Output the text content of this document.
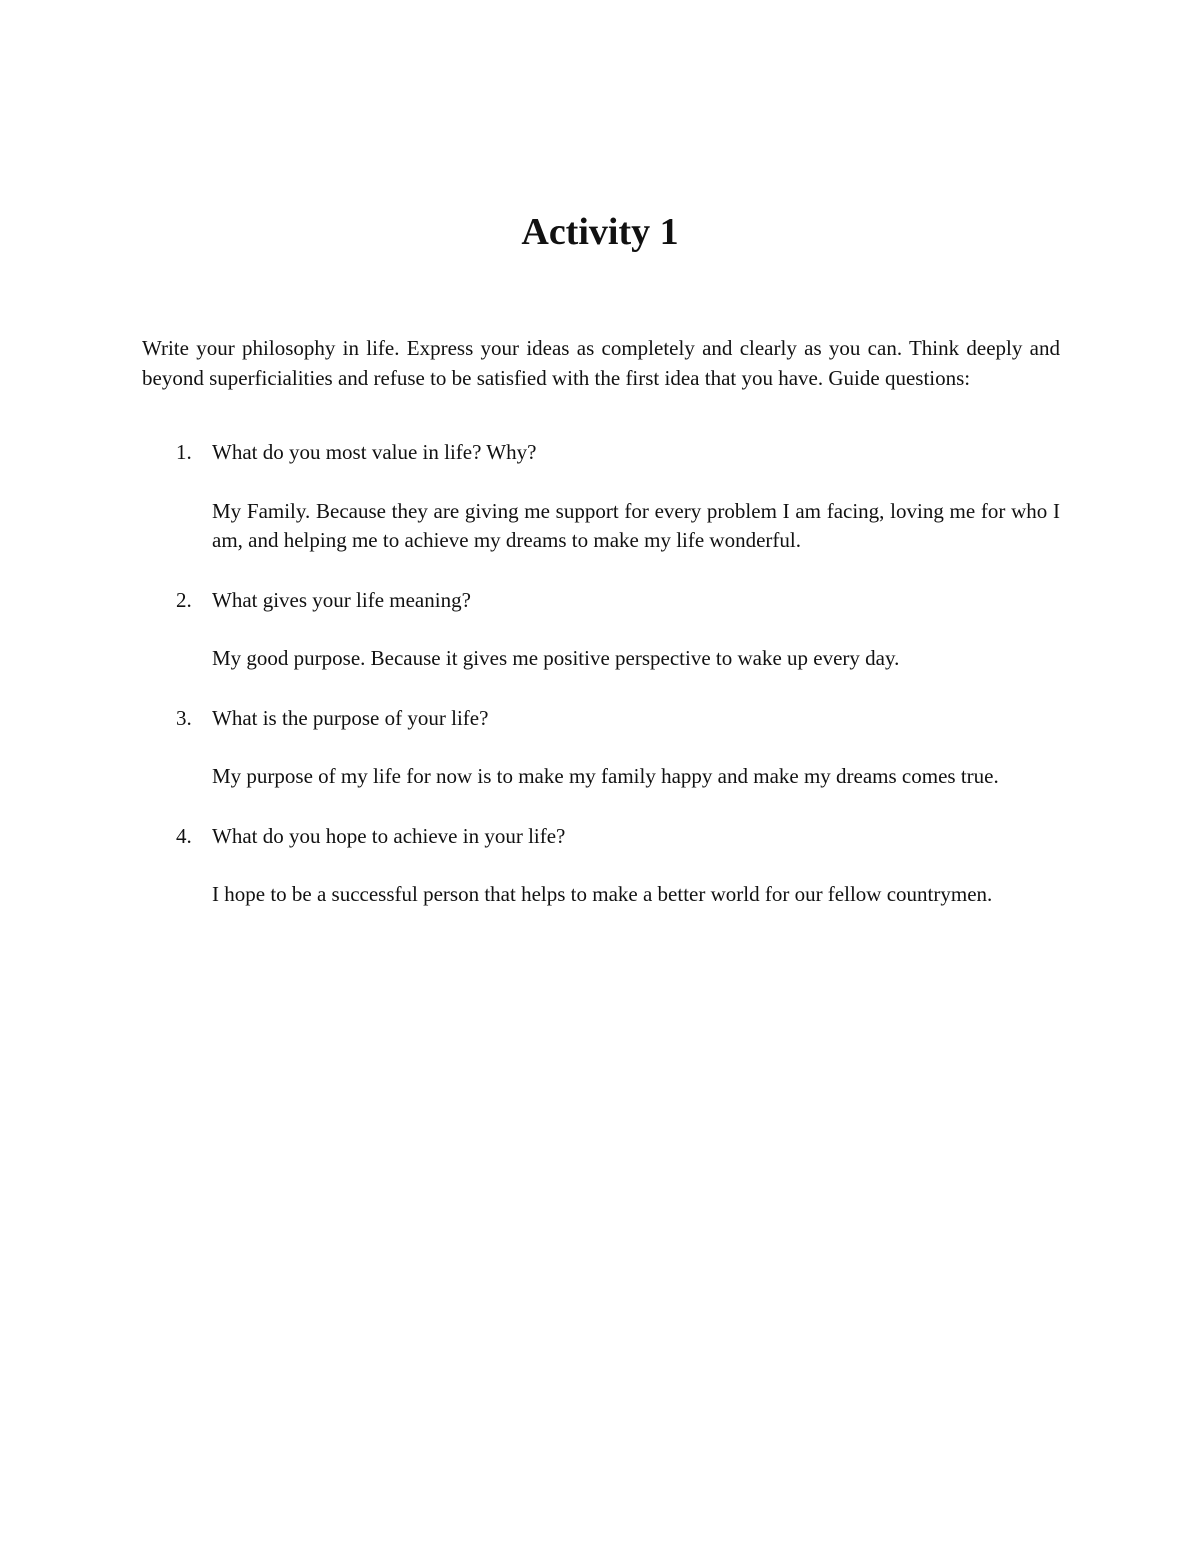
Activity 1

Write your philosophy in life. Express your ideas as completely and clearly as you can. Think deeply and beyond superficialities and refuse to be satisfied with the first idea that you have. Guide questions:

1. What do you most value in life? Why?

My Family. Because they are giving me support for every problem I am facing, loving me for who I am, and helping me to achieve my dreams to make my life wonderful.

2. What gives your life meaning?

My good purpose. Because it gives me positive perspective to wake up every day.

3. What is the purpose of your life?

My purpose of my life for now is to make my family happy and make my dreams comes true.

4. What do you hope to achieve in your life?

I hope to be a successful person that helps to make a better world for our fellow countrymen.
